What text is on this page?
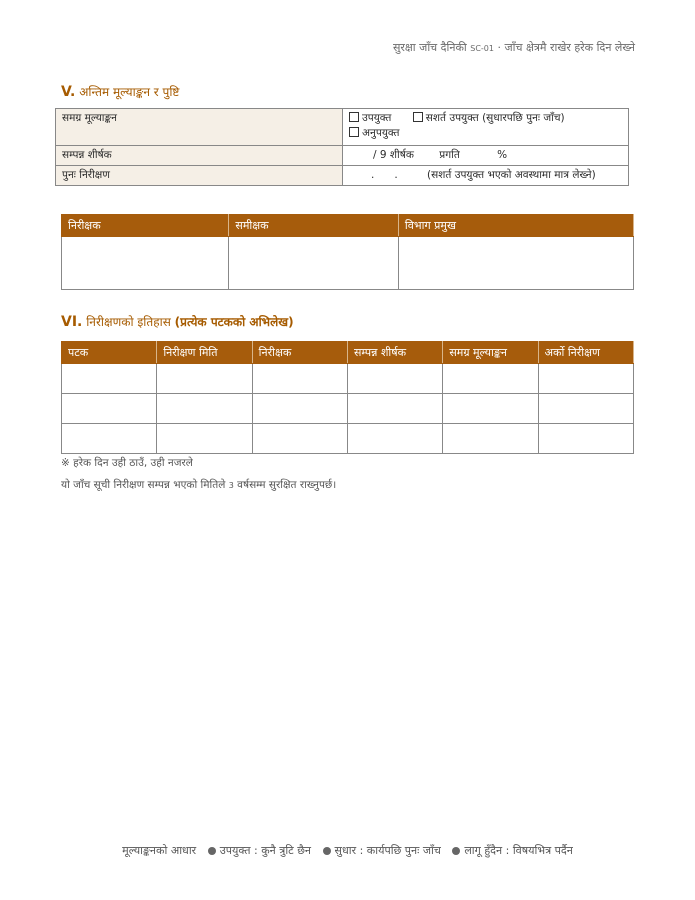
सुरक्षा जाँच दैनिकी SC-01 · जाँच क्षेत्रमै राखेर हरेक दिन लेख्ने
V. अन्तिम मूल्याङ्कन र पुष्टि
समग्र मूल्याङ्कन	उपयुक्त सशर्त उपयुक्त (सुधारपछि पुनः जाँच)
अनुपयुक्त
सम्पन्न शीर्षक	/ 9 शीर्षक प्रगति %
पुनः निरीक्षण	.      . (सशर्त उपयुक्त भएको अवस्थामा मात्र लेख्ने)
निरीक्षक	समीक्षक	विभाग प्रमुख

VI. निरीक्षणको इतिहास (प्रत्येक पटकको अभिलेख)
पटक	निरीक्षण मिति	निरीक्षक	सम्पन्न शीर्षक	समग्र मूल्याङ्कन	अर्को निरीक्षण

※ हरेक दिन उही ठाउँ, उही नजरले
यो जाँच सूची निरीक्षण सम्पन्न भएको मितिले 3 वर्षसम्म सुरक्षित राख्नुपर्छ।
मूल्याङ्कनको आधार उपयुक्त : कुनै त्रुटि छैन सुधार : कार्यपछि पुनः जाँच लागू हुँदैन : विषयभित्र पर्दैन
